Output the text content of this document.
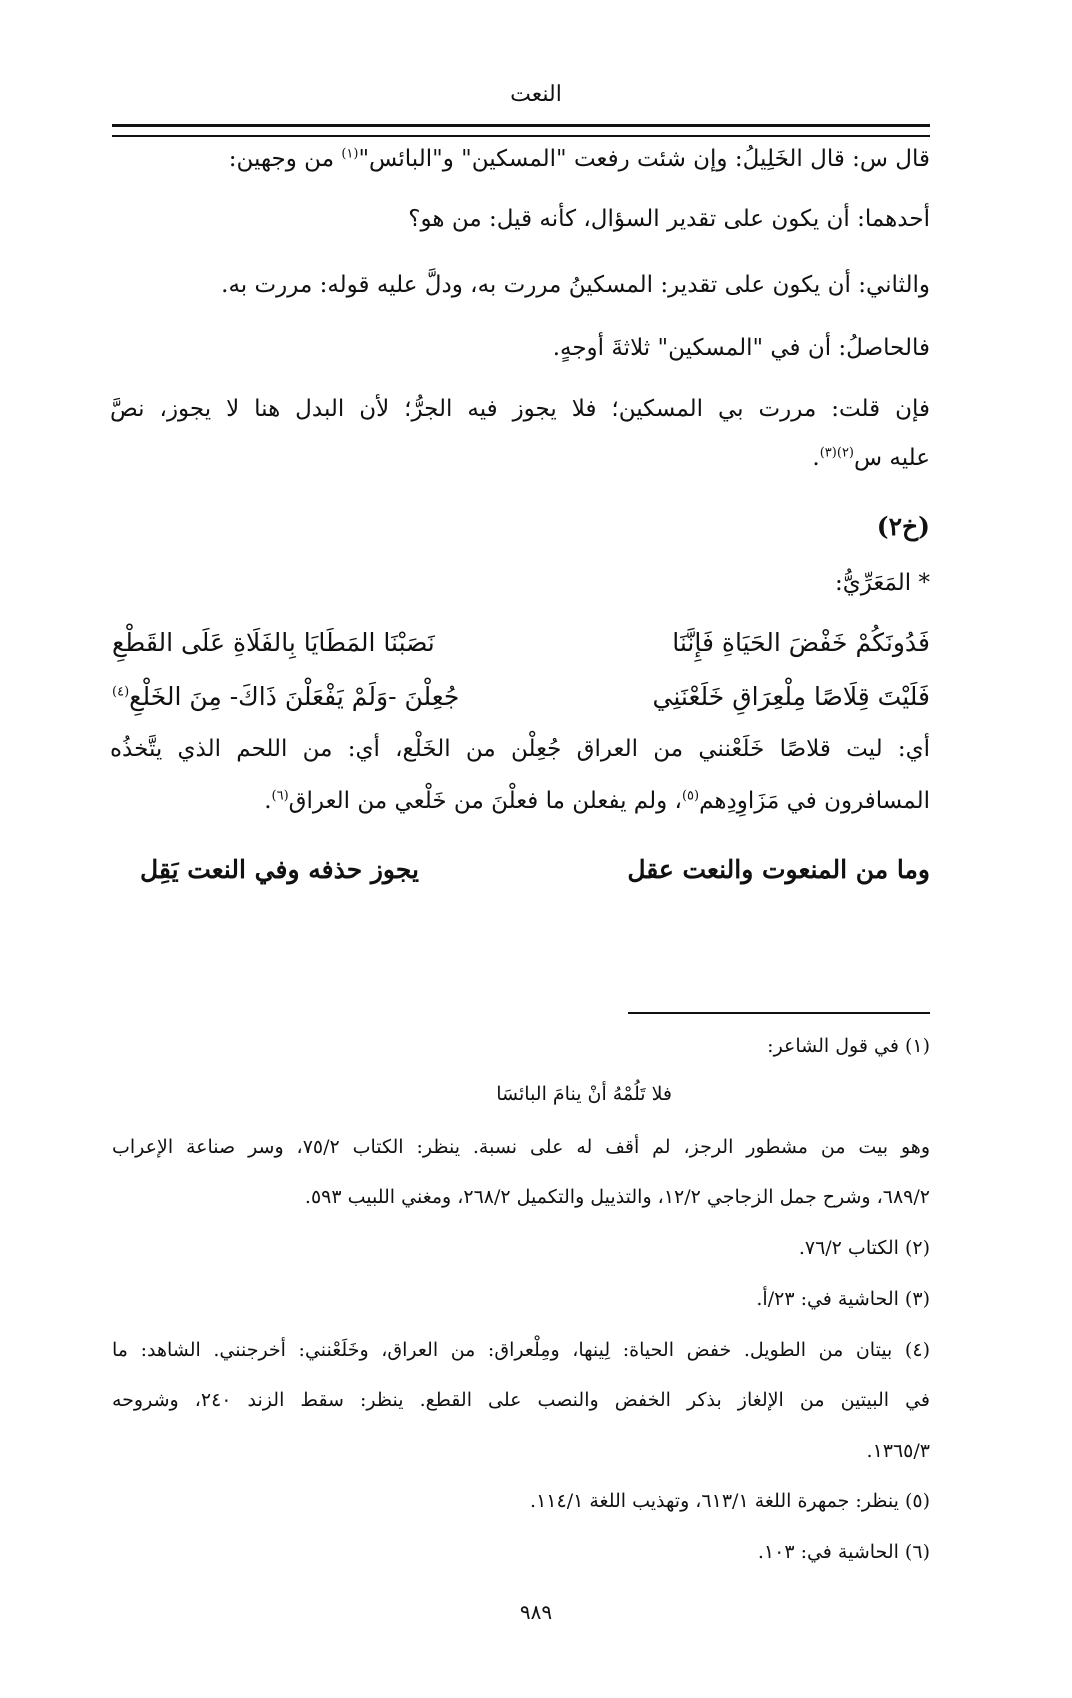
النعت
قال س: قال الخَلِيلُ: وإن شئت رفعت "المسكين" و"البائس"$^{(١)}$ من وجهين:
أحدهما: أن يكون على تقدير السؤال، كأنه قيل: من هو؟
والثاني: أن يكون على تقدير: المسكينُ مررت به، ودلَّ عليه قوله: مررت به.
فالحاصلُ: أن في "المسكين" ثلاثةَ أوجهٍ.
فإن قلت: مررت بي المسكين؛ فلا يجوز فيه الجرُّ؛ لأن البدل هنا لا يجوز، نصَّ
عليه س$^{(٢)(٣)}$.
(خ٢)
* المَعَرِّيُّ:
فَدُونَكُمْ خَفْضَ الحَيَاةِ فَإِنَّنَا
نَصَبْنَا المَطَايَا بِالفَلَاةِ عَلَى القَطْعِ
فَلَيْتَ قِلَاصًا مِلْعِرَاقِ خَلَعْنَنِي
جُعِلْنَ -وَلَمْ يَفْعَلْنَ ذَاكَ- مِنَ الخَلْعِ$^{(٤)}$
أي: ليت قلاصًا خَلَعْنني من العراق جُعِلْن من الخَلْع، أي: من اللحم الذي يتَّخذُه
المسافرون في مَزَاوِدِهم$^{(٥)}$، ولم يفعلن ما فعلْنَ من خَلْعي من العراق$^{(٦)}$.
وما من المنعوت والنعت عقل
يجوز حذفه وفي النعت يَقِل
(١) في قول الشاعر:
فلا تَلُمْهُ أنْ ينامَ البائسَا
وهو بيت من مشطور الرجز، لم أقف له على نسبة. ينظر: الكتاب ٧٥/٢، وسر صناعة الإعراب
٦٨٩/٢، وشرح جمل الزجاجي ١٢/٢، والتذييل والتكميل ٢٦٨/٢، ومغني اللبيب ٥٩٣.
(٢) الكتاب ٧٦/٢.
(٣) الحاشية في: ٢٣/أ.
(٤) بيتان من الطويل. خفض الحياة: لِينها، ومِلْعراق: من العراق، وخَلَعْنني: أخرجنني. الشاهد: ما
في البيتين من الإلغاز بذكر الخفض والنصب على القطع. ينظر: سقط الزند ٢٤٠، وشروحه
١٣٦٥/٣.
(٥) ينظر: جمهرة اللغة ٦١٣/١، وتهذيب اللغة ١١٤/١.
(٦) الحاشية في: ١٠٣.
٩٨٩
